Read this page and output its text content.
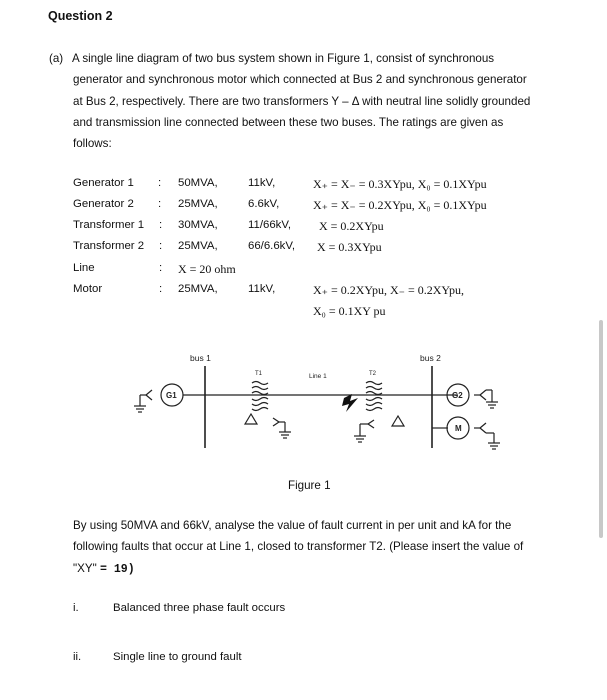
Question 2
(a) A single line diagram of two bus system shown in Figure 1, consist of synchronous
generator and synchronous motor which connected at Bus 2 and synchronous generator
at Bus 2, respectively. There are two transformers Y – Δ with neutral line solidly grounded
and transmission line connected between these two buses. The ratings are given as
follows:
Generator 1 : 50MVA,	11kV,	X₊ = X₋ = 0.3XYpu, X₀ = 0.1XYpu
Generator 2 : 25MVA,	6.6kV,	X₊ = X₋ = 0.2XYpu, X₀ = 0.1XYpu
Transformer 1 : 30MVA,	11/66kV, X = 0.2XYpu
Transformer 2 : 25MVA,	66/6.6kV, X = 0.3XYpu
Line	: X = 20 ohm
Motor	: 25MVA,	11kV,	X₊ = 0.2XYpu, X₋ = 0.2XYpu,
X₀ = 0.1XY pu
bus 1	bus 2
T1	T2
Line 1
G1	G2
M
Figure 1
By using 50MVA and 66kV, analyse the value of fault current in per unit and kA for the
following faults that occur at Line 1, closed to transformer T2. (Please insert the value of
"XY" = 19)
i.	Balanced three phase fault occurs
ii.	Single line to ground fault
